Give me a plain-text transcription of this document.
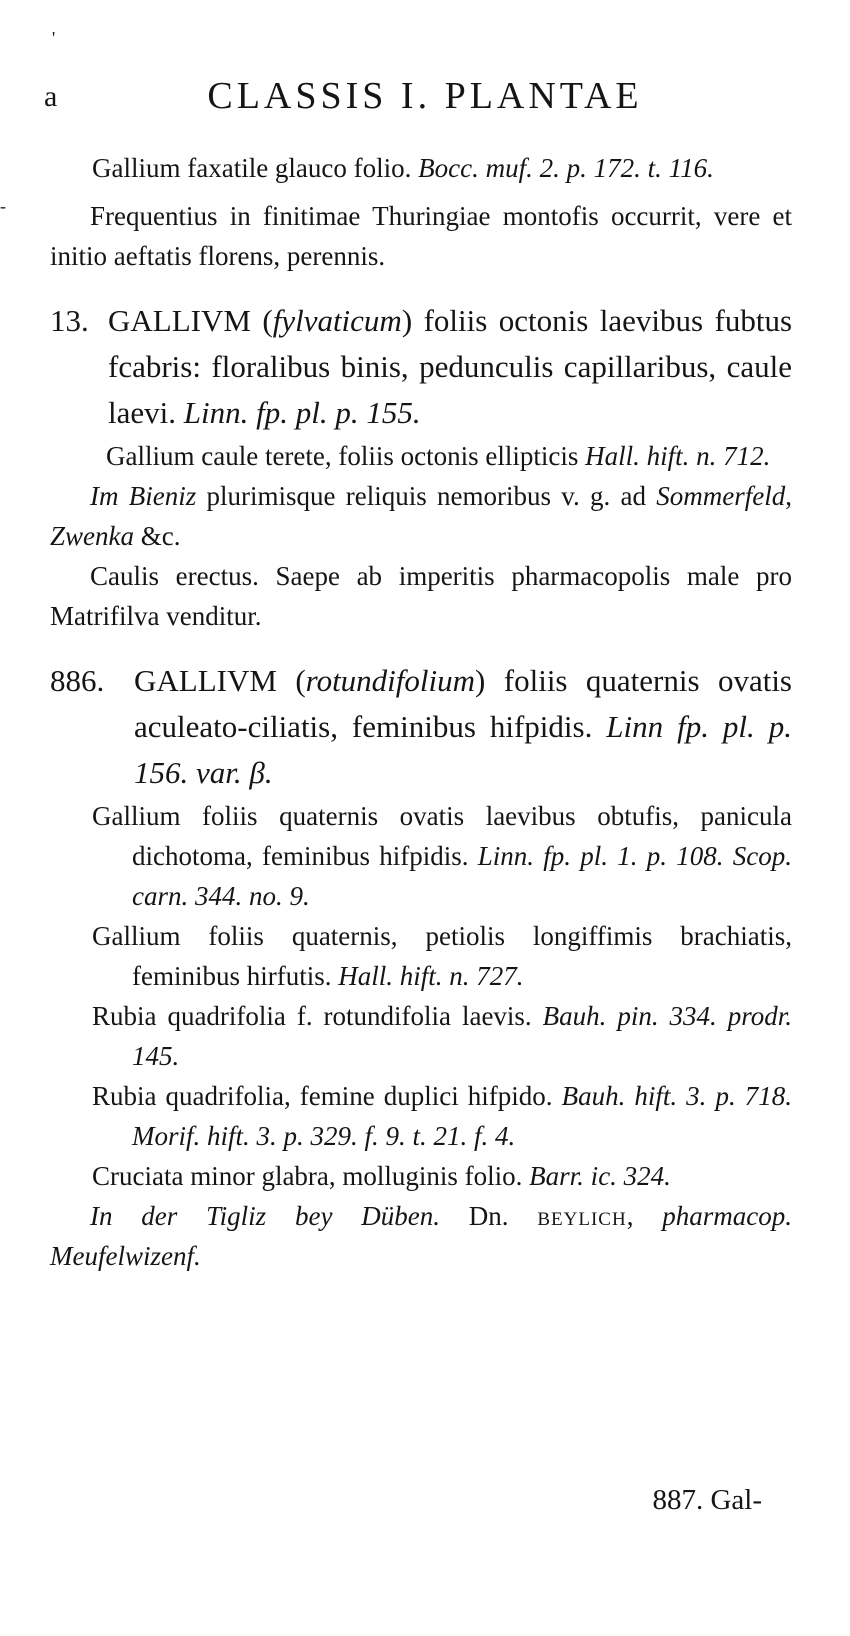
'
a
-
CLASSIS I. PLANTAE

Gallium faxatile glauco folio. Bocc. muf. 2. p. 172. t. 116.

Frequentius in finitimae Thuringiae montofis occurrit, vere et initio aeftatis florens, perennis.

13. GALLIVM (fylvaticum) foliis octonis laevibus fubtus fcabris: floralibus binis, pedunculis capillaribus, caule laevi. Linn. fp. pl. p. 155.

Gallium caule terete, foliis octonis ellipticis Hall. hift. n. 712.

Im Bieniz plurimisque reliquis nemoribus v. g. ad Sommerfeld, Zwenka &c.

Caulis erectus. Saepe ab imperitis pharmacopolis male pro Matrifilva venditur.

886. GALLIVM (rotundifolium) foliis quaternis ovatis aculeato-ciliatis, feminibus hifpidis. Linn fp. pl. p. 156. var. β.

Gallium foliis quaternis ovatis laevibus obtufis, panicula dichotoma, feminibus hifpidis. Linn. fp. pl. 1. p. 108. Scop. carn. 344. no. 9.

Gallium foliis quaternis, petiolis longiffimis brachiatis, feminibus hirfutis. Hall. hift. n. 727.

Rubia quadrifolia f. rotundifolia laevis. Bauh. pin. 334. prodr. 145.

Rubia quadrifolia, femine duplici hifpido. Bauh. hift. 3. p. 718. Morif. hift. 3. p. 329. f. 9. t. 21. f. 4.

Cruciata minor glabra, molluginis folio. Barr. ic. 324.

In der Tigliz bey Düben. Dn. beylich, pharmacop. Meufelwizenf.

887. Gal-
